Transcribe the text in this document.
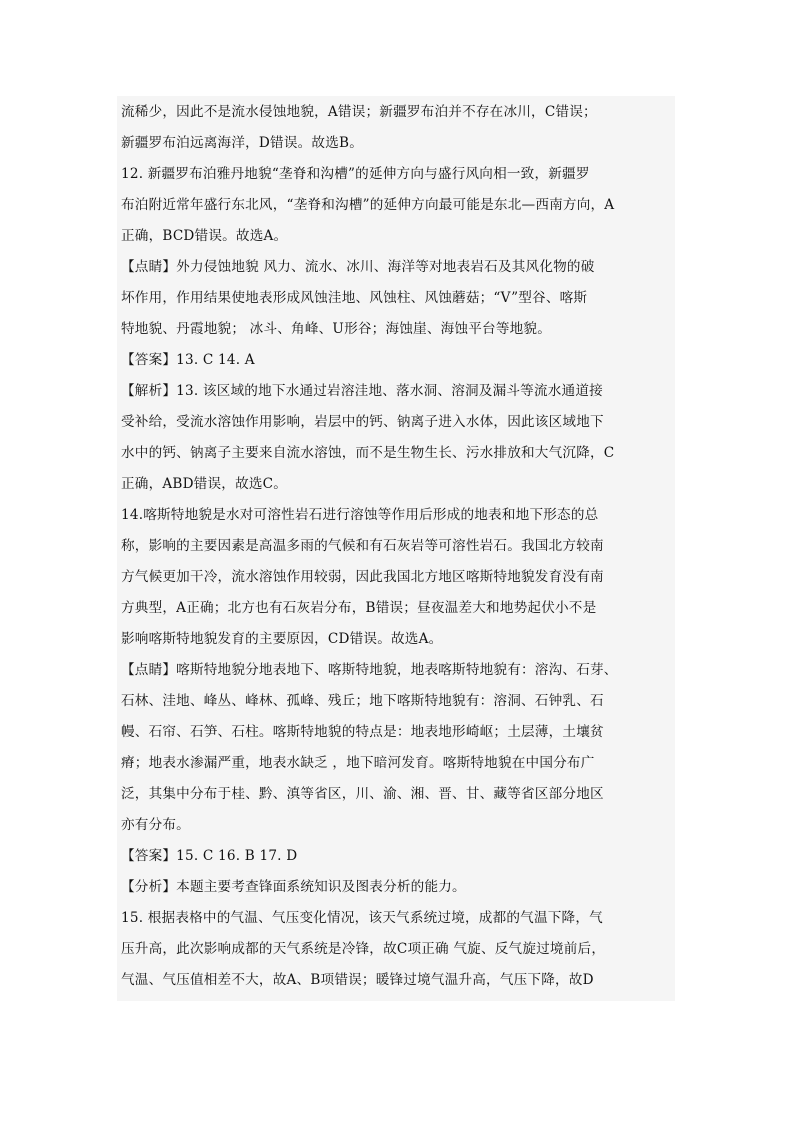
流稀少，因此不是流水侵蚀地貌，A错误；新疆罗布泊并不存在冰川，C错误；
新疆罗布泊远离海洋，D错误。故选B。
12. 新疆罗布泊雅丹地貌“垄脊和沟槽”的延伸方向与盛行风向相一致，新疆罗
布泊附近常年盛行东北风，“垄脊和沟槽”的延伸方向最可能是东北—西南方向，A
正确，BCD错误。故选A。
【点睛】外力侵蚀地貌 风力、流水、冰川、海洋等对地表岩石及其风化物的破
坏作用，作用结果使地表形成风蚀洼地、风蚀柱、风蚀蘑菇；“V”型谷、喀斯
特地貌、丹霞地貌； 冰斗、角峰、U形谷；海蚀崖、海蚀平台等地貌。
【答案】13. C 14. A
【解析】13. 该区域的地下水通过岩溶洼地、落水洞、溶洞及漏斗等流水通道接
受补给，受流水溶蚀作用影响，岩层中的钙、钠离子进入水体，因此该区域地下
水中的钙、钠离子主要来自流水溶蚀，而不是生物生长、污水排放和大气沉降，C
正确，ABD错误，故选C。
14.喀斯特地貌是水对可溶性岩石进行溶蚀等作用后形成的地表和地下形态的总
称，影响的主要因素是高温多雨的气候和有石灰岩等可溶性岩石。我国北方较南
方气候更加干冷，流水溶蚀作用较弱，因此我国北方地区喀斯特地貌发育没有南
方典型，A正确；北方也有石灰岩分布，B错误；昼夜温差大和地势起伏小不是
影响喀斯特地貌发育的主要原因，CD错误。故选A。
【点睛】喀斯特地貌分地表地下、喀斯特地貌，地表喀斯特地貌有：溶沟、石芽、
石林、洼地、峰丛、峰林、孤峰、残丘；地下喀斯特地貌有：溶洞、石钟乳、石
幔、石帘、石笋、石柱。喀斯特地貌的特点是：地表地形崎岖；土层薄，土壤贫
瘠；地表水渗漏严重，地表水缺乏 ，地下暗河发育。喀斯特地貌在中国分布广
泛，其集中分布于桂、黔、滇等省区，川、渝、湘、晋、甘、藏等省区部分地区
亦有分布。
【答案】15. C 16. B 17. D
【分析】本题主要考查锋面系统知识及图表分析的能力。
15. 根据表格中的气温、气压变化情况，该天气系统过境，成都的气温下降，气
压升高，此次影响成都的天气系统是冷锋，故C项正确 气旋、反气旋过境前后，
气温、气压值相差不大，故A、B项错误；暖锋过境气温升高，气压下降，故D
